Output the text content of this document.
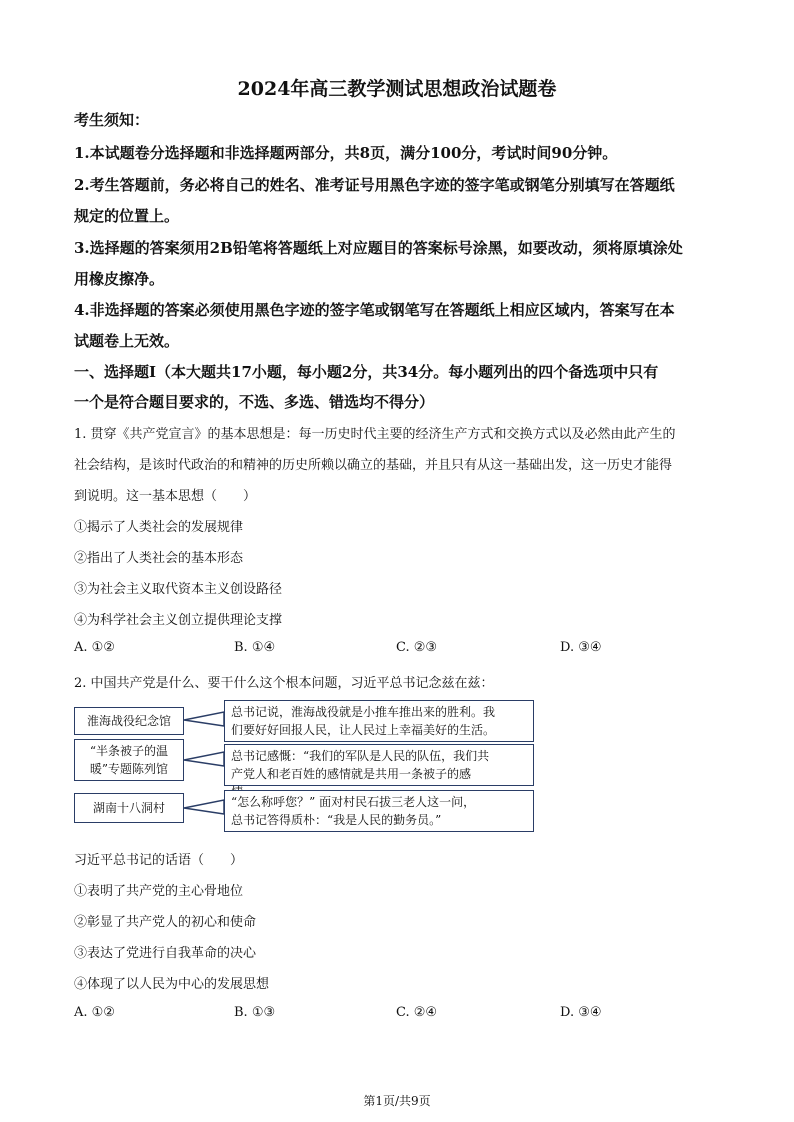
2024年高三教学测试思想政治试题卷
考生须知：
1.本试题卷分选择题和非选择题两部分，共8页，满分100分，考试时间90分钟。
2.考生答题前，务必将自己的姓名、准考证号用黑色字迹的签字笔或钢笔分别填写在答题纸
规定的位置上。
3.选择题的答案须用2B铅笔将答题纸上对应题目的答案标号涂黑，如要改动，须将原填涂处
用橡皮擦净。
4.非选择题的答案必须使用黑色字迹的签字笔或钢笔写在答题纸上相应区域内，答案写在本
试题卷上无效。
一、选择题Ⅰ（本大题共17小题，每小题2分，共34分。每小题列出的四个备选项中只有
一个是符合题目要求的，不选、多选、错选均不得分）
1. 贯穿《共产党宣言》的基本思想是：每一历史时代主要的经济生产方式和交换方式以及必然由此产生的
社会结构，是该时代政治的和精神的历史所赖以确立的基础，并且只有从这一基础出发，这一历史才能得
到说明。这一基本思想（　　）
①揭示了人类社会的发展规律
②指出了人类社会的基本形态
③为社会主义取代资本主义创设路径
④为科学社会主义创立提供理论支撑
A. ①②	B. ①④	C. ②③	D. ③④
2. 中国共产党是什么、要干什么这个根本问题，习近平总书记念兹在兹：
淮海战役纪念馆
总书记说，淮海战役就是小推车推出来的胜利。我
们要好好回报人民，让人民过上幸福美好的生活。
“半条被子的温
暖”专题陈列馆
总书记感慨：“我们的军队是人民的队伍，我们共
产党人和老百姓的感情就是共用一条被子的感
湖南十八洞村	“怎么称呼您？” 面对村民石拔三老人这一问，
总书记答得质朴：“我是人民的勤务员。”
习近平总书记的话语（　　）
①表明了共产党的主心骨地位
②彰显了共产党人的初心和使命
③表达了党进行自我革命的决心
④体现了以人民为中心的发展思想
A. ①②	B. ①③	C. ②④	D. ③④
第1页/共9页
